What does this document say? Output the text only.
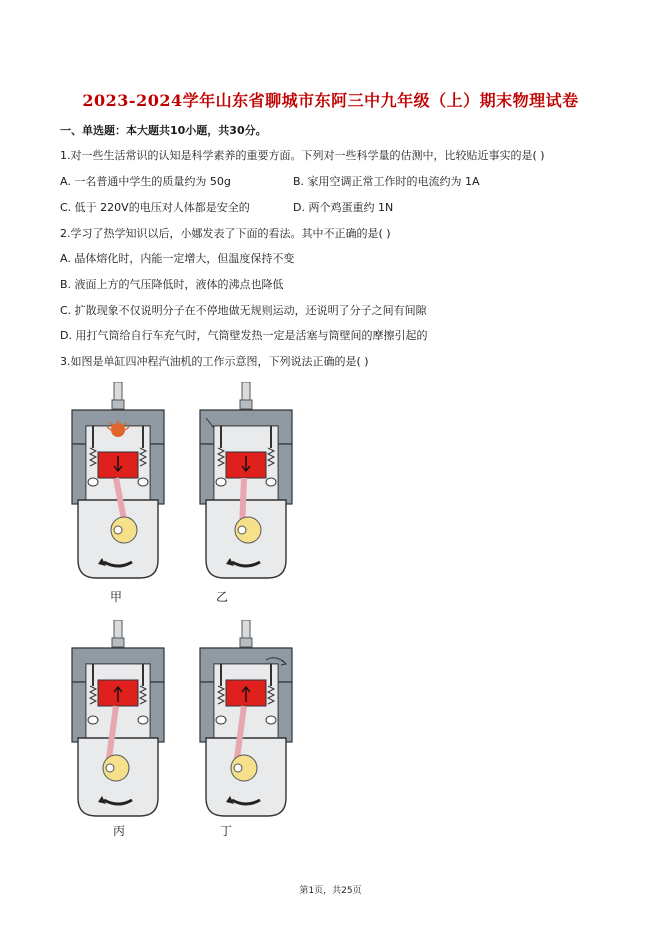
2023-2024学年山东省聊城市东阿三中九年级（上）期末物理试卷
一、单选题：本大题共10小题，共30分。
1.对一些生活常识的认知是科学素养的重要方面。下列对一些科学量的估测中，比较贴近事实的是( )
A. 一名普通中学生的质量约为 50g	B. 家用空调正常工作时的电流约为 1A
C. 低于 220V的电压对人体都是安全的	D. 两个鸡蛋重约 1N
2.学习了热学知识以后，小娜发表了下面的看法。其中不正确的是( )
A. 晶体熔化时，内能一定增大，但温度保持不变
B. 液面上方的气压降低时，液体的沸点也降低
C. 扩散现象不仅说明分子在不停地做无规则运动，还说明了分子之间有间隙
D. 用打气筒给自行车充气时，气筒壁发热一定是活塞与筒壁间的摩擦引起的
3.如图是单缸四冲程汽油机的工作示意图，下列说法正确的是( )
甲	乙
丙	丁
第1页，共25页
